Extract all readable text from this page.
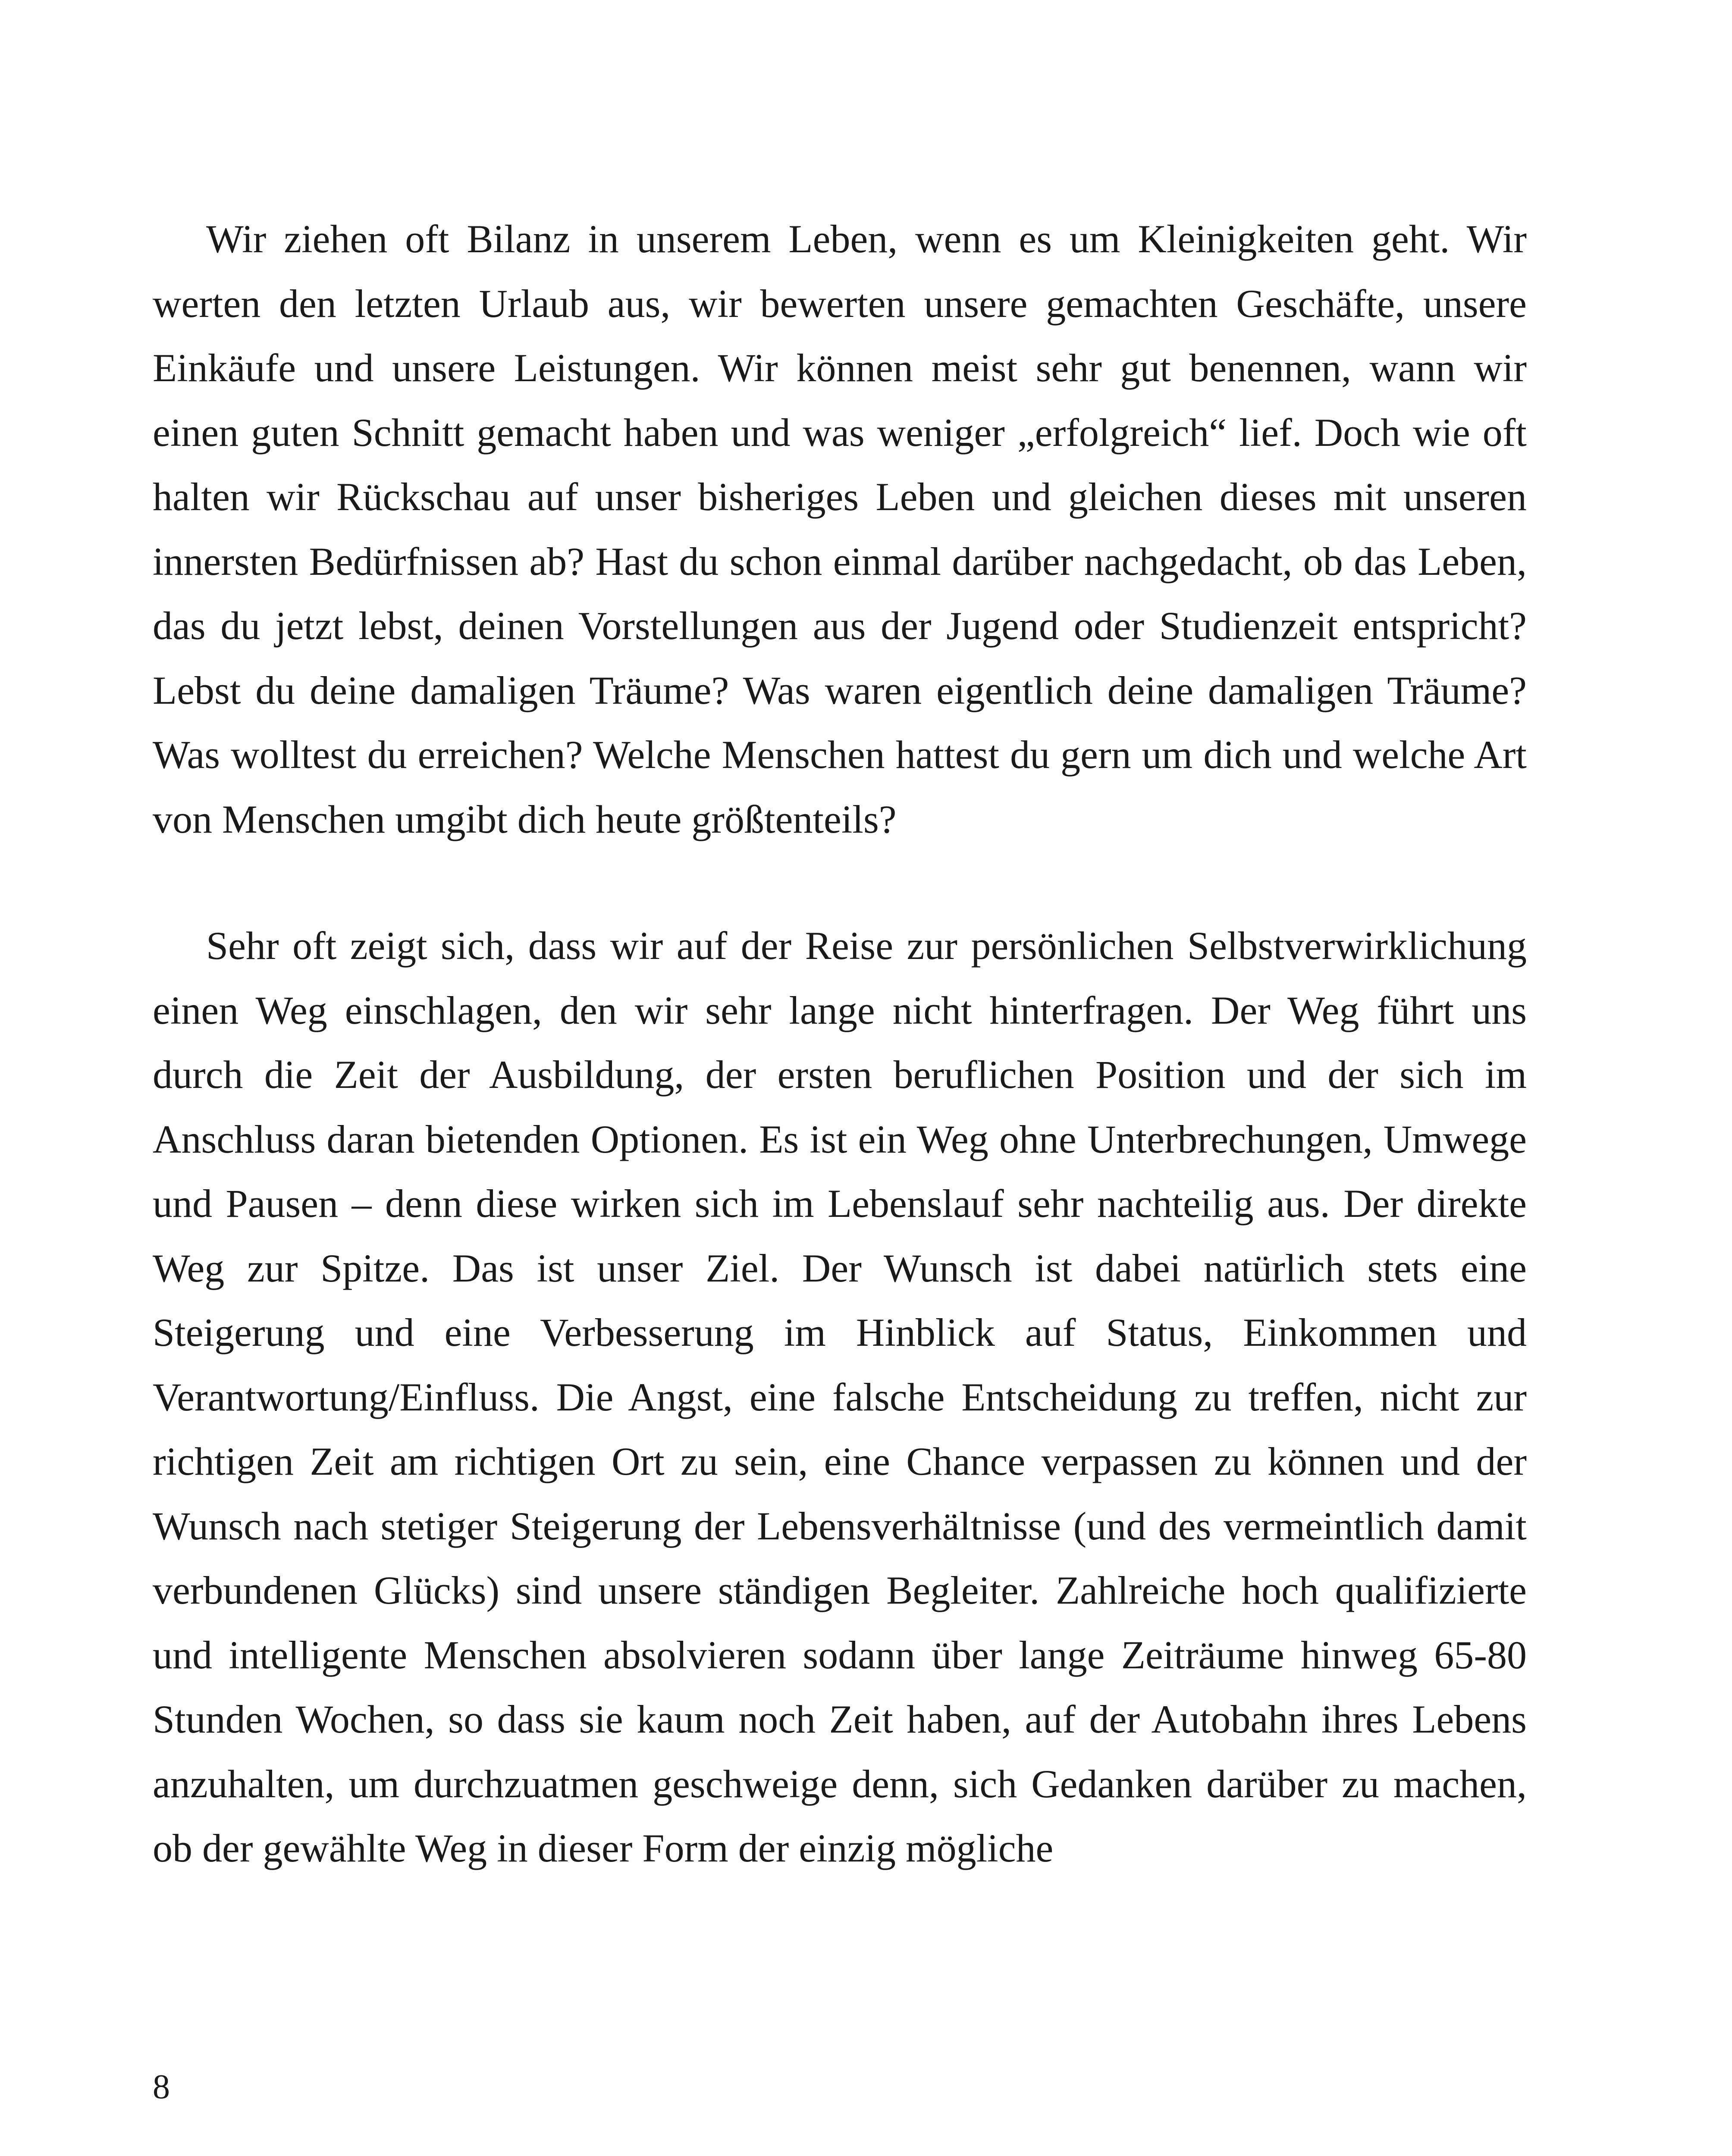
Wir ziehen oft Bilanz in unserem Leben, wenn es um Kleinigkeiten geht. Wir werten den letzten Urlaub aus, wir bewerten unsere gemachten Geschäfte, unsere Einkäufe und unsere Leistungen. Wir können meist sehr gut benennen, wann wir einen guten Schnitt gemacht haben und was weniger „erfolgreich“ lief. Doch wie oft halten wir Rückschau auf unser bisheriges Leben und gleichen dieses mit unseren innersten Bedürfnissen ab? Hast du schon einmal darüber nachgedacht, ob das Leben, das du jetzt lebst, deinen Vorstellungen aus der Jugend oder Studienzeit entspricht? Lebst du deine damaligen Träume? Was waren eigentlich deine damaligen Träume? Was wolltest du erreichen? Welche Menschen hattest du gern um dich und welche Art von Menschen umgibt dich heute größtenteils?

Sehr oft zeigt sich, dass wir auf der Reise zur persönlichen Selbstverwirklichung einen Weg einschlagen, den wir sehr lange nicht hinterfragen. Der Weg führt uns durch die Zeit der Ausbildung, der ersten beruflichen Position und der sich im Anschluss daran bietenden Optionen. Es ist ein Weg ohne Unterbrechungen, Umwege und Pausen – denn diese wirken sich im Lebenslauf sehr nachteilig aus. Der direkte Weg zur Spitze. Das ist unser Ziel. Der Wunsch ist dabei natürlich stets eine Steigerung und eine Verbesserung im Hinblick auf Status, Einkommen und Verantwortung/Einfluss. Die Angst, eine falsche Entscheidung zu treffen, nicht zur richtigen Zeit am richtigen Ort zu sein, eine Chance verpassen zu können und der Wunsch nach stetiger Steigerung der Lebensverhältnisse (und des vermeintlich damit verbundenen Glücks) sind unsere ständigen Begleiter. Zahlreiche hoch qualifizierte und intelligente Menschen absolvieren sodann über lange Zeiträume hinweg 65-80 Stunden Wochen, so dass sie kaum noch Zeit haben, auf der Autobahn ihres Lebens anzuhalten, um durchzuatmen geschweige denn, sich Gedanken darüber zu machen, ob der gewählte Weg in dieser Form der einzig mögliche

8
